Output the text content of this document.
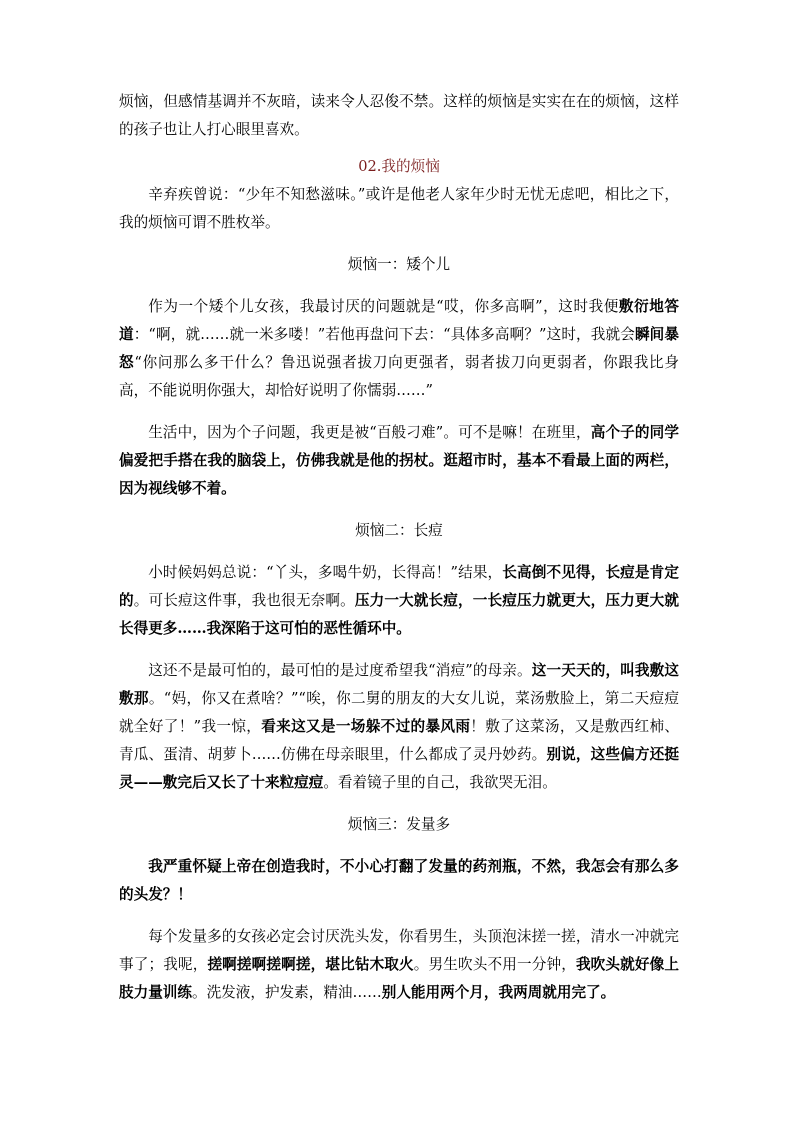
烦恼，但感情基调并不灰暗，读来令人忍俊不禁。这样的烦恼是实实在在的烦恼，这样的孩子也让人打心眼里喜欢。

02.我的烦恼

辛弃疾曾说：“少年不知愁滋味。”或许是他老人家年少时无忧无虑吧，相比之下，我的烦恼可谓不胜枚举。

烦恼一：矮个儿

作为一个矮个儿女孩，我最讨厌的问题就是“哎，你多高啊”，这时我便敷衍地答道：“啊，就……就一米多喽！”若他再盘问下去：“具体多高啊？”这时，我就会瞬间暴怒“你问那么多干什么？鲁迅说强者拔刀向更强者，弱者拔刀向更弱者，你跟我比身高，不能说明你强大，却恰好说明了你懦弱……”

生活中，因为个子问题，我更是被“百般刁难”。可不是嘛！在班里，高个子的同学偏爱把手搭在我的脑袋上，仿佛我就是他的拐杖。逛超市时，基本不看最上面的两栏，因为视线够不着。

烦恼二：长痘

小时候妈妈总说：“丫头，多喝牛奶，长得高！”结果，长高倒不见得，长痘是肯定的。可长痘这件事，我也很无奈啊。压力一大就长痘，一长痘压力就更大，压力更大就长得更多……我深陷于这可怕的恶性循环中。

这还不是最可怕的，最可怕的是过度希望我“消痘”的母亲。这一天天的，叫我敷这敷那。“妈，你又在煮啥？”“唉，你二舅的朋友的大女儿说，菜汤敷脸上，第二天痘痘就全好了！”我一惊，看来这又是一场躲不过的暴风雨！敷了这菜汤，又是敷西红柿、青瓜、蛋清、胡萝卜……仿佛在母亲眼里，什么都成了灵丹妙药。别说，这些偏方还挺灵——敷完后又长了十来粒痘痘。看着镜子里的自己，我欲哭无泪。

烦恼三：发量多

我严重怀疑上帝在创造我时，不小心打翻了发量的药剂瓶，不然，我怎会有那么多的头发？！

每个发量多的女孩必定会讨厌洗头发，你看男生，头顶泡沫搓一搓，清水一冲就完事了；我呢，搓啊搓啊搓啊搓，堪比钻木取火。男生吹头不用一分钟，我吹头就好像上肢力量训练。洗发液，护发素，精油……别人能用两个月，我两周就用完了。
